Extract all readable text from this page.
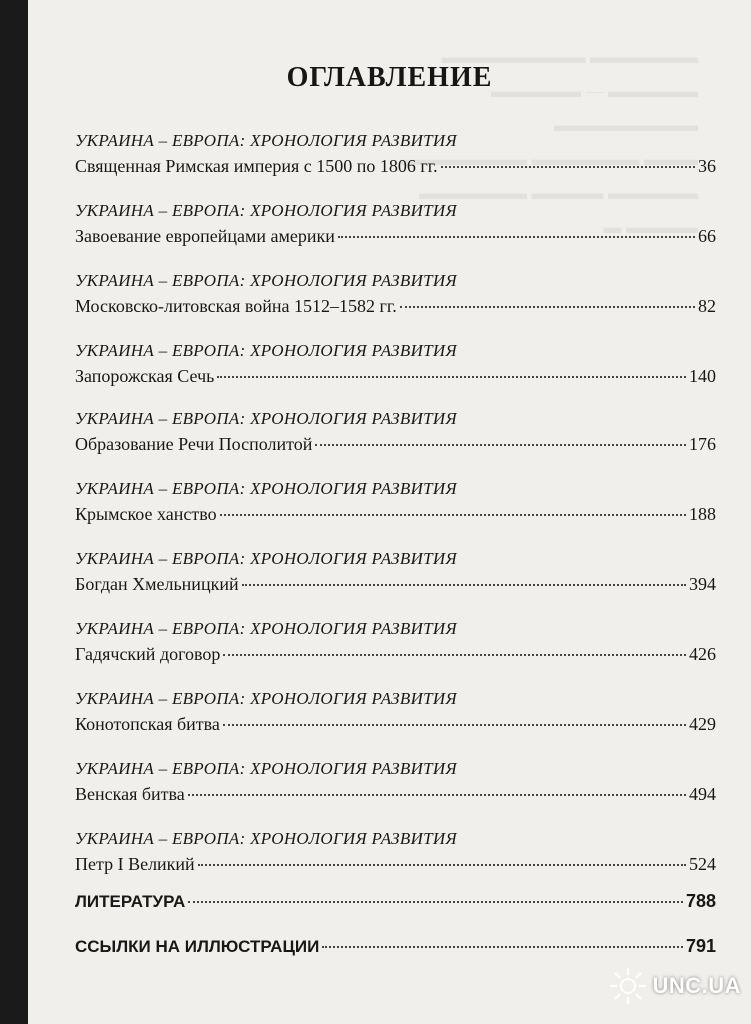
▬▬▬▬▬▬ ▬▬▬▬▬▬▬▬
▬▬▬▬▬ — ▬▬▬▬▬
▬▬▬▬▬▬▬▬
▬▬▬ ▬▬▬▬▬▬ ▬▬▬▬▬▬▬
▬▬▬▬▬ ▬▬▬▬ ▬▬▬▬▬▬
▬▬▬▬ ▬
ОГЛАВЛЕНИЕ
УКРАИНА – ЕВРОПА: ХРОНОЛОГИЯ РАЗВИТИЯ
Священная Римская империя с 1500 по 1806 гг.	36
УКРАИНА – ЕВРОПА: ХРОНОЛОГИЯ РАЗВИТИЯ
Завоевание европейцами америки	66
УКРАИНА – ЕВРОПА: ХРОНОЛОГИЯ РАЗВИТИЯ
Московско-литовская война 1512–1582 гг.	82
УКРАИНА – ЕВРОПА: ХРОНОЛОГИЯ РАЗВИТИЯ
Запорожская Сечь	140
УКРАИНА – ЕВРОПА: ХРОНОЛОГИЯ РАЗВИТИЯ
Образование Речи Посполитой	176
УКРАИНА – ЕВРОПА: ХРОНОЛОГИЯ РАЗВИТИЯ
Крымское ханство	188
УКРАИНА – ЕВРОПА: ХРОНОЛОГИЯ РАЗВИТИЯ
Богдан Хмельницкий	394
УКРАИНА – ЕВРОПА: ХРОНОЛОГИЯ РАЗВИТИЯ
Гадячский договор	426
УКРАИНА – ЕВРОПА: ХРОНОЛОГИЯ РАЗВИТИЯ
Конотопская битва	429
УКРАИНА – ЕВРОПА: ХРОНОЛОГИЯ РАЗВИТИЯ
Венская битва	494
УКРАИНА – ЕВРОПА: ХРОНОЛОГИЯ РАЗВИТИЯ
Петр I Великий	524
ЛИТЕРАТУРА	788
ССЫЛКИ НА ИЛЛЮСТРАЦИИ	791
UNC.UA
